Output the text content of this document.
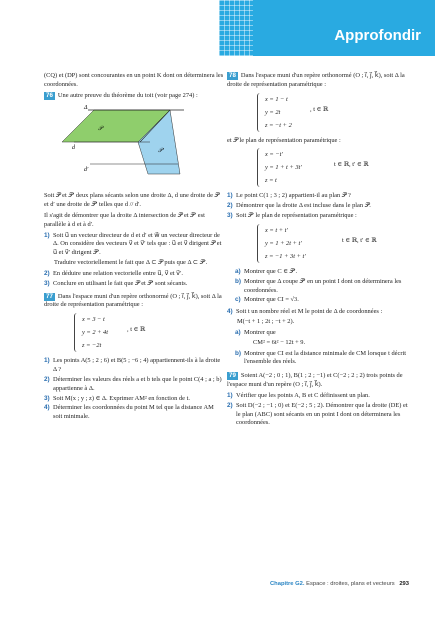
Approfondir

(CQ) et (DP) sont concourantes en un point K dont on déterminera les coordonnées.

76 Une autre preuve du théorème du toit (voir page 274) :

Δ
𝒫
𝒫′
d
d′

Soit 𝒫 et 𝒫′ deux plans sécants selon une droite Δ, d une droite de 𝒫 et d′ une droite de 𝒫′ telles que d // d′.

Il s'agit de démontrer que la droite Δ intersection de 𝒫 et 𝒫′ est parallèle à d et à d′.

1) Soit u⃗ un vecteur directeur de d et d′ et w⃗ un vecteur directeur de Δ. On considère des vecteurs v⃗ et v⃗′ tels que : u⃗ et v⃗ dirigent 𝒫 et u⃗ et v⃗′ dirigent 𝒫′.

Traduire vectoriellement le fait que Δ ⊂ 𝒫 puis que Δ ⊂ 𝒫′.

2) En déduire une relation vectorielle entre u⃗, v⃗ et v⃗′.
3) Conclure en utilisant le fait que 𝒫 et 𝒫′ sont sécants.

77 Dans l'espace muni d'un repère orthonormé (O ; i⃗, j⃗, k⃗), soit Δ la droite de représentation paramétrique :

x = 3 − t
y = 2 + 4t
z = −2t
, t ∈ ℝ
1) Les points A(5 ; 2 ; 6) et B(5 ; −6 ; 4) appartiennent-ils à la droite Δ ?
2) Déterminer les valeurs des réels a et b tels que le point C(4 ; a ; b) appartienne à Δ.
3) Soit M(x ; y ; z) ∈ Δ. Exprimer AM² en fonction de t.
4) Déterminer les coordonnées du point M tel que la distance AM soit minimale.

78 Dans l'espace muni d'un repère orthonormé (O ; i⃗, j⃗, k⃗), soit Δ la droite de représentation paramétrique :

x = 1 − t
y = 2t
z = −t + 2
, t ∈ ℝ

et 𝒫 le plan de représentation paramétrique :

x = −t′
y = 1 + t + 3t′
z = t
t ∈ ℝ, t′ ∈ ℝ
1) Le point C(1 ; 3 ; 2) appartient-il au plan 𝒫 ?
2) Démontrer que la droite Δ est incluse dans le plan 𝒫.
3) Soit 𝒫′ le plan de représentation paramétrique :
x = t + t′
y = 1 + 2t + t′
z = −1 + 3t + t′
t ∈ ℝ, t′ ∈ ℝ
a) Montrer que C ∈ 𝒫′.
b) Montrer que Δ coupe 𝒫′ en un point I dont on déterminera les coordonnées.
c) Montrer que CI = √3.
4) Soit t un nombre réel et M le point de Δ de coordonnées :

M(−t + 1 ; 2t ; −t + 2).

a) Montrer que

CM² = 6t² − 12t + 9.

b) Montrer que CI est la distance minimale de CM lorsque t décrit l'ensemble des réels.

79 Soient A(−2 ; 0 ; 1), B(1 ; 2 ; −1) et C(−2 ; 2 ; 2) trois points de l'espace muni d'un repère (O ; i⃗, j⃗, k⃗).

1) Vérifier que les points A, B et C définissent un plan.
2) Soit D(−2 ; −1 ; 0) et E(−2 ; 5 ; 2). Démontrer que la droite (DE) et le plan (ABC) sont sécants en un point I dont on déterminera les coordonnées.
Chapitre G2. Espace : droites, plans et vecteurs 293
